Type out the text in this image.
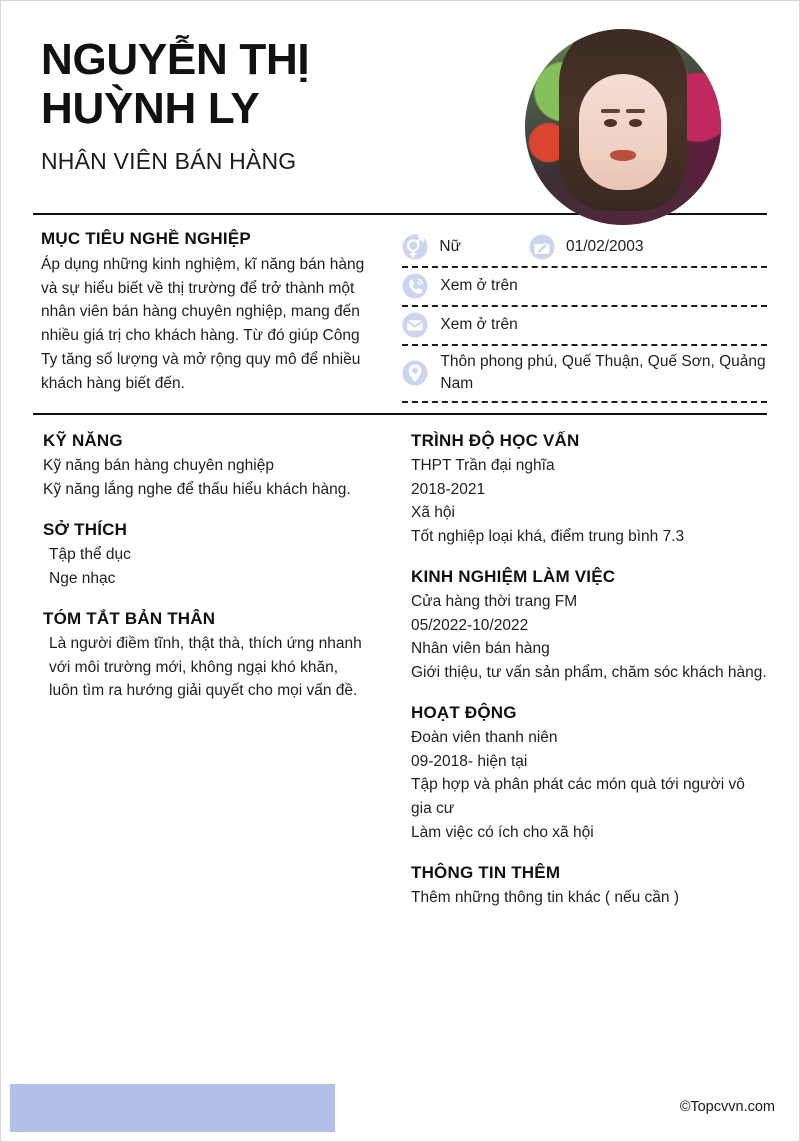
NGUYỄN THỊ HUỲNH LY
NHÂN VIÊN BÁN HÀNG
MỤC TIÊU NGHỀ NGHIỆP

Áp dụng những kinh nghiệm, kĩ năng bán hàng và sự hiểu biết về thị trường để trở thành một nhân viên bán hàng chuyên nghiệp, mang đến nhiều giá trị cho khách hàng. Từ đó giúp Công Ty tăng số lượng và mở rộng quy mô để nhiều khách hàng biết đến.

Nữ	01/02/2003
Xem ở trên
Xem ở trên
Thôn phong phú, Quế Thuận, Quế Sơn, Quảng Nam
KỸ NĂNG
Kỹ năng bán hàng chuyên nghiệp
Kỹ năng lắng nghe để thấu hiểu khách hàng.
SỞ THÍCH
Tập thể dục
Nge nhạc
TÓM TẮT BẢN THÂN
Là người điềm tĩnh, thật thà, thích ứng nhanh
với môi trường mới, không ngại khó khăn,
luôn tìm ra hướng giải quyết cho mọi vấn đề.
TRÌNH ĐỘ HỌC VẤN
THPT Trần đại nghĩa
2018-2021
Xã hội
Tốt nghiệp loại khá, điểm trung bình 7.3
KINH NGHIỆM LÀM VIỆC
Cửa hàng thời trang FM
05/2022-10/2022
Nhân viên bán hàng
Giới thiệu, tư vấn sản phẩm, chăm sóc khách hàng.
HOẠT ĐỘNG
Đoàn viên thanh niên
09-2018- hiện tại
Tập hợp và phân phát các món quà tới người vô gia cư
Làm việc có ích cho xã hội
THÔNG TIN THÊM
Thêm những thông tin khác ( nếu cần )
©Topcvvn.com
